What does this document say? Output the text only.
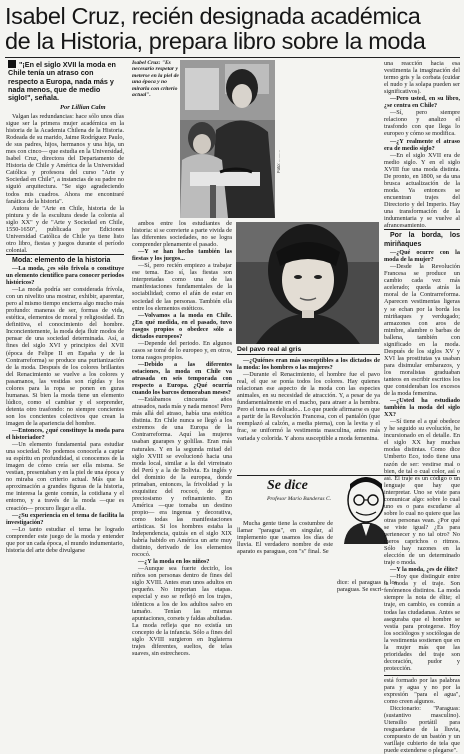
Isabel Cruz, recién designada académica
de la Historia, prepara libro sobre la moda
"¡En el siglo XVII la moda en Chile tenía un atraso con respecto a Europa, nada más y nada menos, que de medio siglo!", señala.
Por Lillian Calm

Valgan las redundancias: hace sólo unos días sigue ser la primera mujer académica en la historia de la Academia Chilena de la Historia. Rodeada de su marido, Jaime Rodríguez Paulo, de sus padres, hijos, hermanos y una hija, un mes con cinco— que estudia en la Universidad, Isabel Cruz, directora del Departamento de Historia de Chile y América de la Universidad Católica y profesora del curso "Arte y Sociedad en Chile", a instancias de su padre no siguió arquitectura. "Se sigo agradeciendo todos mis cuadros. Ahora me encontraré fanática de la historia".

Autora de "Arte en Chile, historia de la pintura y de la escultura desde la colonia al siglo XX" y de "Arte y Sociedad en Chile, 1550-1650", publicada por Ediciones Universidad Católica de Chile ya tiene listo otro libro, fiestas y juegos durante el período colonial.

Moda: elemento de la historia

—La moda, ¿es sólo frivola o constituye un elemento científico para conocer periodos históricos?

—La moda podría ser considerada frívola, con un nivelito una mostrar, exhibir, aparentar, pero al mismo tiempo encierra algo mucho más profundo: maneras de ser, formas de vida, estética, elementos de moral y religiosidad. En definitiva, el conocimiento del hombre. Inconcientemente, la moda deja fluir modos de pensar de una sociedad determinada. Así, a fines del siglo XVI y principios del XVII (época de Felipe II en España y de la Contrarreforma) se produce una puritanización de la moda. Después de los colores brillantes del Renacimiento se vuelve a los colores y pasamanos, las vestidas son rígidas y los colores para la ropa se ponen en guras humanas. Si bien la moda tiene un elemento lúdico, como el cambiar y el sorprender, detenta otro trasfondo: no siempre concientes son los concientes colectivos que crean la imagen de la apariencia del hombre.

—Entonces, ¿qué constituye la moda para el historiador?

—Un elemento fundamental para estudiar una sociedad. No podemos conocerla a captar su espíritu en profundidad, si conocemos de la imagen de cómo creía ser ella misma. Se vestían, presentaban y en la piel de una época y no miraba con criterio actual. Más que la aproximación a grandes figuras de la historia, me interesa la gente común, la cotidiana y el entorno, y a través de la moda —que es creación— procuro llegar a ella.

—¿Su experiencia en el tema de facilita la investigación?

—Lo tanto estudiar el tema he logrado comprender este juego de la moda y entender que por un cada época, el mundo indumentario, historia del arte debe divulgarse

Isabel Cruz: "Es necesario respetar y meterse en la piel de una época y no mirarla con criterio actual".
Foto: ..........

ambos entre los estudiantes de historia: si se convierte a parte vivida de las diferentes sociedades, no se logra comprender plenamente el pasado.

—Y se han hecho también las fiestas y los juegos...

—Sí, pero recién empiezo a trabajar ese tema. Eso sí, las fiestas son interpretadas como una de las manifestaciones fundamentales de la sociabilidad; como el afán de estar en sociedad de las personas. También ella entre los elementos estéticos.

—Volvamos a la moda en Chile. ¿En qué medida, en el pasado, tuvo rasgos propios o obedece sólo a dictados europeos?

—Depende del periodo. En algunos casos se tomé de lo europeo y, en otros, toma rasgos propios.

—Debido a las diferentes estaciones, la moda en Chile va atrasada en seis temporada con respecto a Europa. ¿Qué ocurría cuando los barcos demoraban meses?

—Estábamos cincuenta años atrasados, nada más y nada menos! Pero más allá del atraso, había una estética distinta. En Chile nunca se llegó a los extremos de una Europa de la Contrarreforma. Aquí las mujeres usaban guarapes y golillas. Eran más naturales. Y en la segunda mitad del siglo XVIII se evolucionó hacia una moda local, similar a la del virreinato del Perú y a la de Bolivia. Es inglés y del dominio de la europea, donde primaban, entonces, la frivolidad y la exquisitez del rococó, de gran preciosismo y refinamiento. En América —que tomaba un destino propio— era ingenua y decorativa, como todas las manifestaciones artísticas. Si los hombres estaba la Independencia, quizás en el siglo XIX habría habido en América un arte muy distinto, derivado de los elementos rococó.

—¿Y la moda en los niños?

—Aunque sea fuerte decirlo, los niños son personas dentro de fines del siglo XVIII. Antes eran unos adultos en pequeño. No importan las etapas. especial y eso se reflejó en los trajes, idénticos a los de los adultos salvo en tamaño. Tenían las mismas apuntaciones, corsets y faldas abultadas. La moda refleja que no existía un concepto de la infancia. Sólo a fines del siglo XVIII surgieron en Inglaterra trajes diferentes, sueltos, de telas suaves, sin estrecheces.

Del pavo real al gris

—¿Quiénes eran más susceptibles a los dictados de la moda: los hombres o las mujeres?

—Durante el Renacimiento, el hombre fue el pavo real, el que se ponía todos los colores. Hay quienes relacionan ese aspecto de la moda con las especies animales, en su necesidad de atracción. Y, a pesar de ya fundamentalmente en el macho, para atraer a la hembra. Pero el tema es delicado... Lo que puede afirmarse es que a partir de la Revolución Francesa, con el pantalón (que reemplazó al calzón, a media pierna), con la levita y el frac, se uniformó la vestimenta masculina, antes más variada y colorida. Y ahora susceptible a moda femenina.

Se dice
Profesor Mario Banderas C.

Mucha gente tiene la costumbre de llamar "paragua", en singular, al implemento que usamos los días de lluvia. El verdadero nombre de este aparato es paraguas, con "s" final. Se

dice: el paraguas o los paraguas. Se escri-

una reacción hacia esa vestimenta la imaginación del termo gris y la corbata (cuidar el nudo y la solapa pueden ser significativos).

—Pero usted, en su libro, ¿se centra en Chile?

—Sí, pero siempre relaciono y analizo el trasfondo con que llega lo europeo y cómo se modifica.

—¿Y realmente el atraso era de medio siglo?

—En el siglo XVII era de medio siglo. Y en el siglo XVIII fue una moda distinta. De pronto, en 1800, se da una brusca actualización de la moda. Ya entonces se encuentran trajes del Directorio y del Imperio. Hay una transformación de la indumentaria y se vuelve al afrancesamiento.

Por la borda, los miriñaques

—¿Qué ocurre con la moda de la mujer?

—Desde la Revolución Francesa se produce un cambio cada vez más acelerado; queda atrás la moral de la Contrarreforma. Aparecen vestimentas ligeras y se echan por la borda los miriñaques y verdugado; armazones con aros de mimbre, alambre o barbas de ballena, también con significado en la moda. Después de los siglos XV y XVI las prostitutas ya usaban para disimular embarazos, y los moralistas graduaban tanteos en escribir escritos los que consideraban los excesos de la moda femenina.

—¿Usted ha estudiado también la moda del siglo XX?

—Sí tiene el a qué obedece y he seguido su evolución, he incursionado en el detalle. En el siglo XX hay muchas modas distintas. Como dice Umberto Eco, todo tiene una razón de ser: vestirse mal o bien, de tal o cual color, así o así. El traje es un código o un lenguaje que hay que interpretar. Uno se viste para comunicar algo: sobre lo cual uno es o para escudarse al sobre lo cual no quiere que las otras personas vean. ¿Por qué se viste igual? ¿Es para pertenecer y no tal otro? No meros caprichos o ritmos. Sólo hay razones en la elección de un determinado traje o moda.

—Y la moda, ¿es de élite?

—Hoy que distinguir entre la moda y el traje. Son fenómenos distintos. La moda siempre la nota de élite; el traje, en cambio, es común a todas las ciudadanas. Antes se aseguraba que el hombre se vestía para protegerse. Hoy los sociólogos y sociólogas de la vestimenta sostienen que en la mujer más que las prioridades del traje son decoración, pudor y protección.

está formado por las palabras para y agua y no por la expresión "para el agua", como creen algunos.

Diccionario: "Paraguas: (sustantivo masculino). Utensilio portátil para resguardarse de la lluvia, compuesto de un bastón y un varillaje cubierto de tela que puede extenderse o plegarse".
